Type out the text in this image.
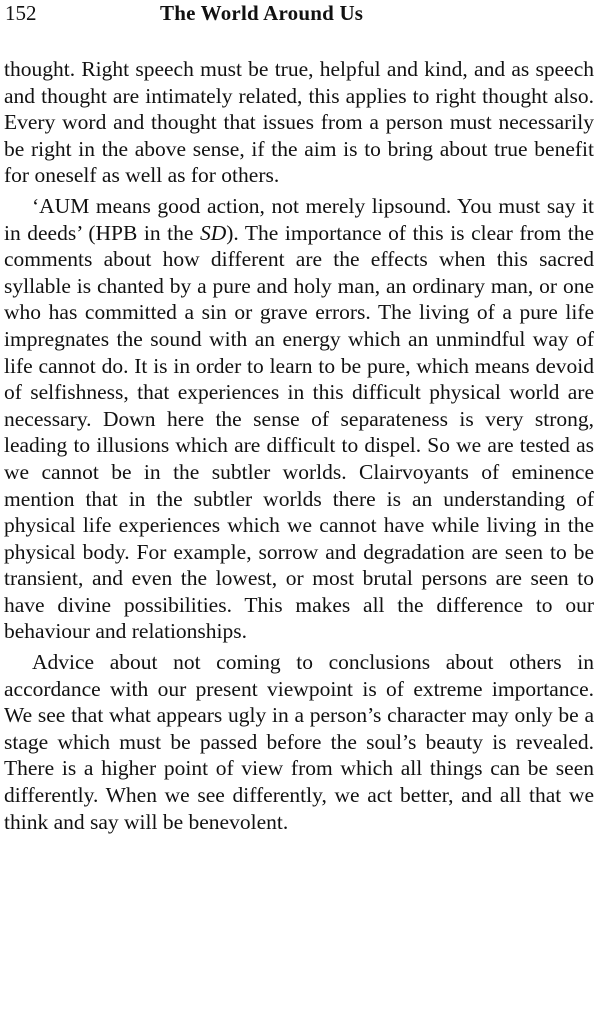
152	The World Around Us

thought. Right speech must be true, helpful and kind, and as speech and thought are intimately related, this applies to right thought also. Every word and thought that issues from a person must necessarily be right in the above sense, if the aim is to bring about true benefit for oneself as well as for others.

‘AUM means good action, not merely lipsound. You must say it in deeds’ (HPB in the SD). The importance of this is clear from the comments about how different are the effects when this sacred syllable is chanted by a pure and holy man, an ordinary man, or one who has committed a sin or grave errors. The living of a pure life impregnates the sound with an energy which an unmindful way of life cannot do. It is in order to learn to be pure, which means devoid of selfishness, that experiences in this difficult physical world are necessary. Down here the sense of separateness is very strong, leading to illusions which are difficult to dispel. So we are tested as we cannot be in the subtler worlds. Clairvoyants of eminence mention that in the subtler worlds there is an understanding of physical life experiences which we cannot have while living in the physical body. For example, sorrow and degradation are seen to be transient, and even the lowest, or most brutal persons are seen to have divine possibilities. This makes all the difference to our behaviour and relationships.

Advice about not coming to conclusions about others in accordance with our present viewpoint is of extreme importance. We see that what appears ugly in a person’s character may only be a stage which must be passed before the soul’s beauty is revealed. There is a higher point of view from which all things can be seen differently. When we see differently, we act better, and all that we think and say will be benevolent.
